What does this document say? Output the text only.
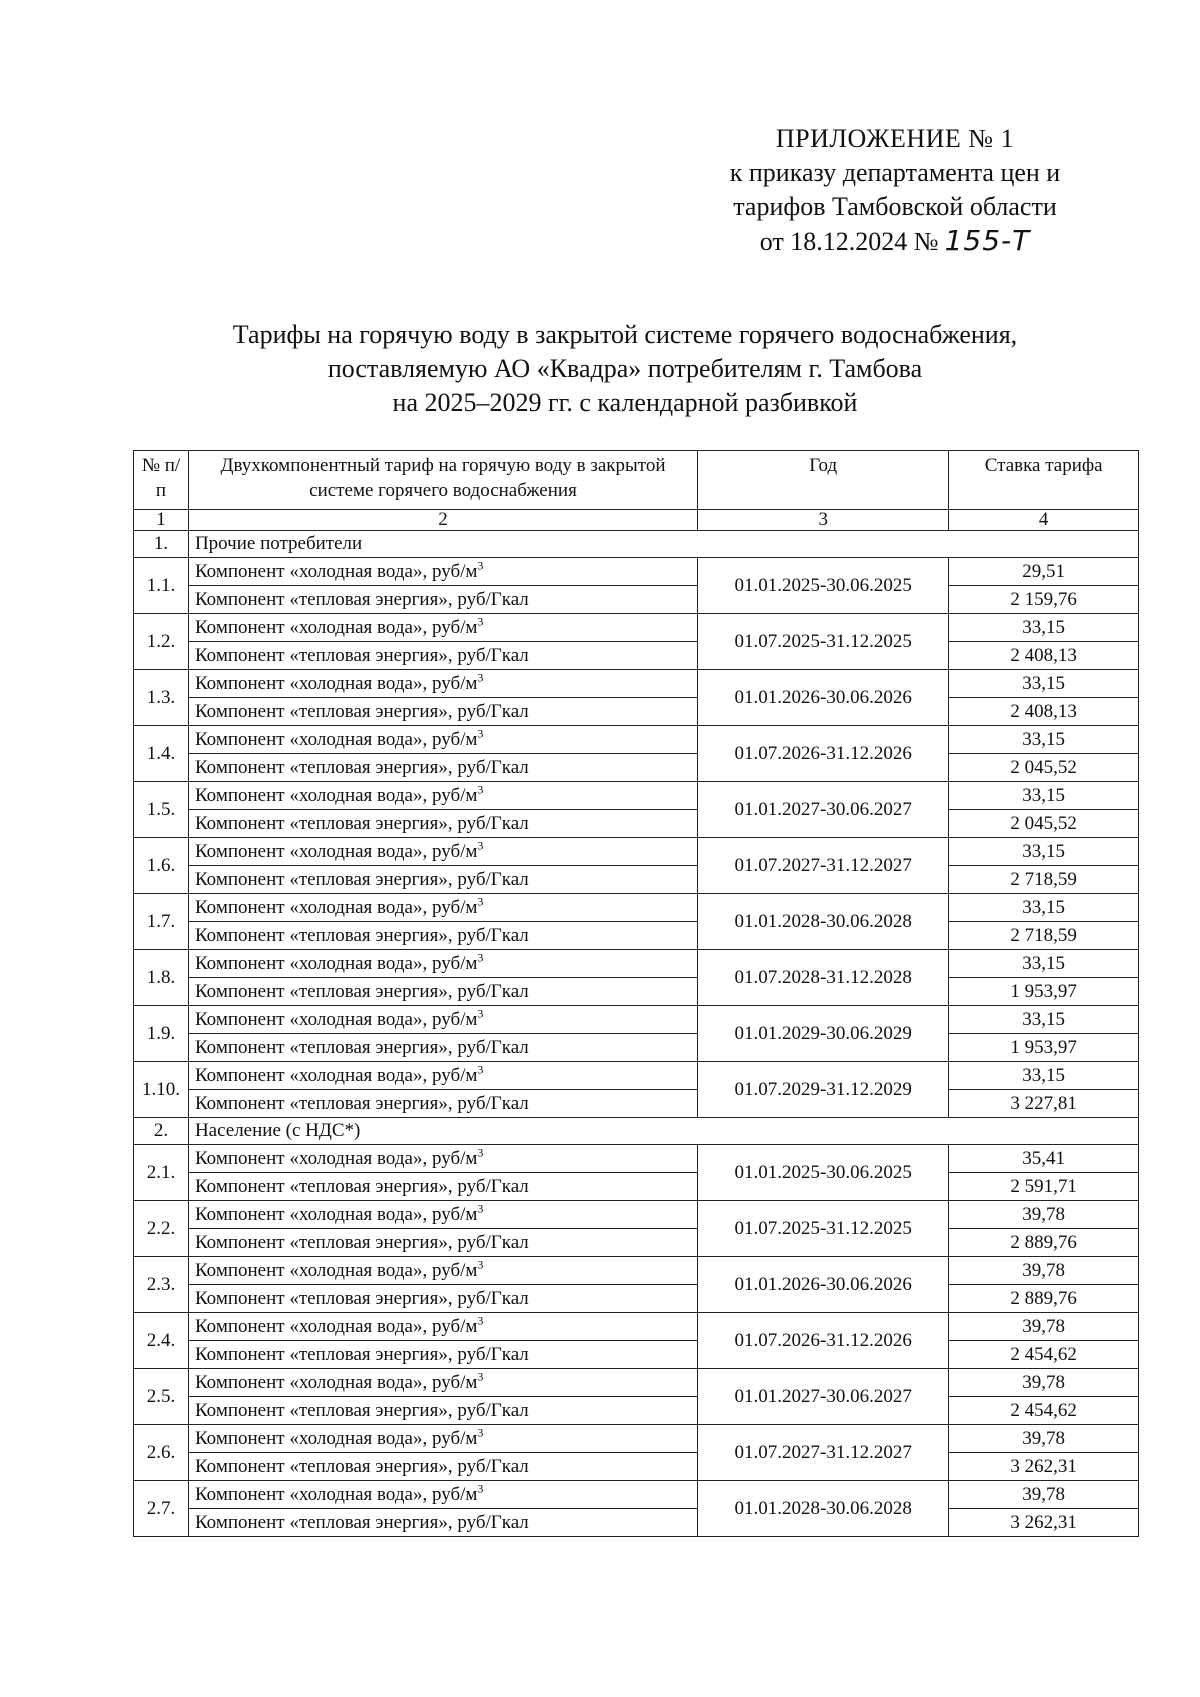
ПРИЛОЖЕНИЕ № 1
к приказу департамента цен и
тарифов Тамбовской области
от 18.12.2024 № 155-Т
Тарифы на горячую воду в закрытой системе горячего водоснабжения,
поставляемую АО «Квадра» потребителям г. Тамбова
на 2025–2029 гг. с календарной разбивкой
№ п/п	Двухкомпонентный тариф на горячую воду в закрытой системе горячего водоснабжения	Год	Ставка тарифа
1	2	3	4
1.	Прочие потребители		
1.1.	Компонент «холодная вода», руб/$м^3$	01.01.2025-30.06.2025	29,51
	Компонент «тепловая энергия», руб/Гкал		2 159,76
1.2.	Компонент «холодная вода», руб/$м^3$	01.07.2025-31.12.2025	33,15
	Компонент «тепловая энергия», руб/Гкал		2 408,13
1.3.	Компонент «холодная вода», руб/$м^3$	01.01.2026-30.06.2026	33,15
	Компонент «тепловая энергия», руб/Гкал		2 408,13
1.4.	Компонент «холодная вода», руб/$м^3$	01.07.2026-31.12.2026	33,15
	Компонент «тепловая энергия», руб/Гкал		2 045,52
1.5.	Компонент «холодная вода», руб/$м^3$	01.01.2027-30.06.2027	33,15
	Компонент «тепловая энергия», руб/Гкал		2 045,52
1.6.	Компонент «холодная вода», руб/$м^3$	01.07.2027-31.12.2027	33,15
	Компонент «тепловая энергия», руб/Гкал		2 718,59
1.7.	Компонент «холодная вода», руб/$м^3$	01.01.2028-30.06.2028	33,15
	Компонент «тепловая энергия», руб/Гкал		2 718,59
1.8.	Компонент «холодная вода», руб/$м^3$	01.07.2028-31.12.2028	33,15
	Компонент «тепловая энергия», руб/Гкал		1 953,97
1.9.	Компонент «холодная вода», руб/$м^3$	01.01.2029-30.06.2029	33,15
	Компонент «тепловая энергия», руб/Гкал		1 953,97
1.10.	Компонент «холодная вода», руб/$м^3$	01.07.2029-31.12.2029	33,15
	Компонент «тепловая энергия», руб/Гкал		3 227,81
2.	Население (с НДС*)		
2.1.	Компонент «холодная вода», руб/$м^3$	01.01.2025-30.06.2025	35,41
	Компонент «тепловая энергия», руб/Гкал		2 591,71
2.2.	Компонент «холодная вода», руб/$м^3$	01.07.2025-31.12.2025	39,78
	Компонент «тепловая энергия», руб/Гкал		2 889,76
2.3.	Компонент «холодная вода», руб/$м^3$	01.01.2026-30.06.2026	39,78
	Компонент «тепловая энергия», руб/Гкал		2 889,76
2.4.	Компонент «холодная вода», руб/$м^3$	01.07.2026-31.12.2026	39,78
	Компонент «тепловая энергия», руб/Гкал		2 454,62
2.5.	Компонент «холодная вода», руб/$м^3$	01.01.2027-30.06.2027	39,78
	Компонент «тепловая энергия», руб/Гкал		2 454,62
2.6.	Компонент «холодная вода», руб/$м^3$	01.07.2027-31.12.2027	39,78
	Компонент «тепловая энергия», руб/Гкал		3 262,31
2.7.	Компонент «холодная вода», руб/$м^3$	01.01.2028-30.06.2028	39,78
	Компонент «тепловая энергия», руб/Гкал		3 262,31
